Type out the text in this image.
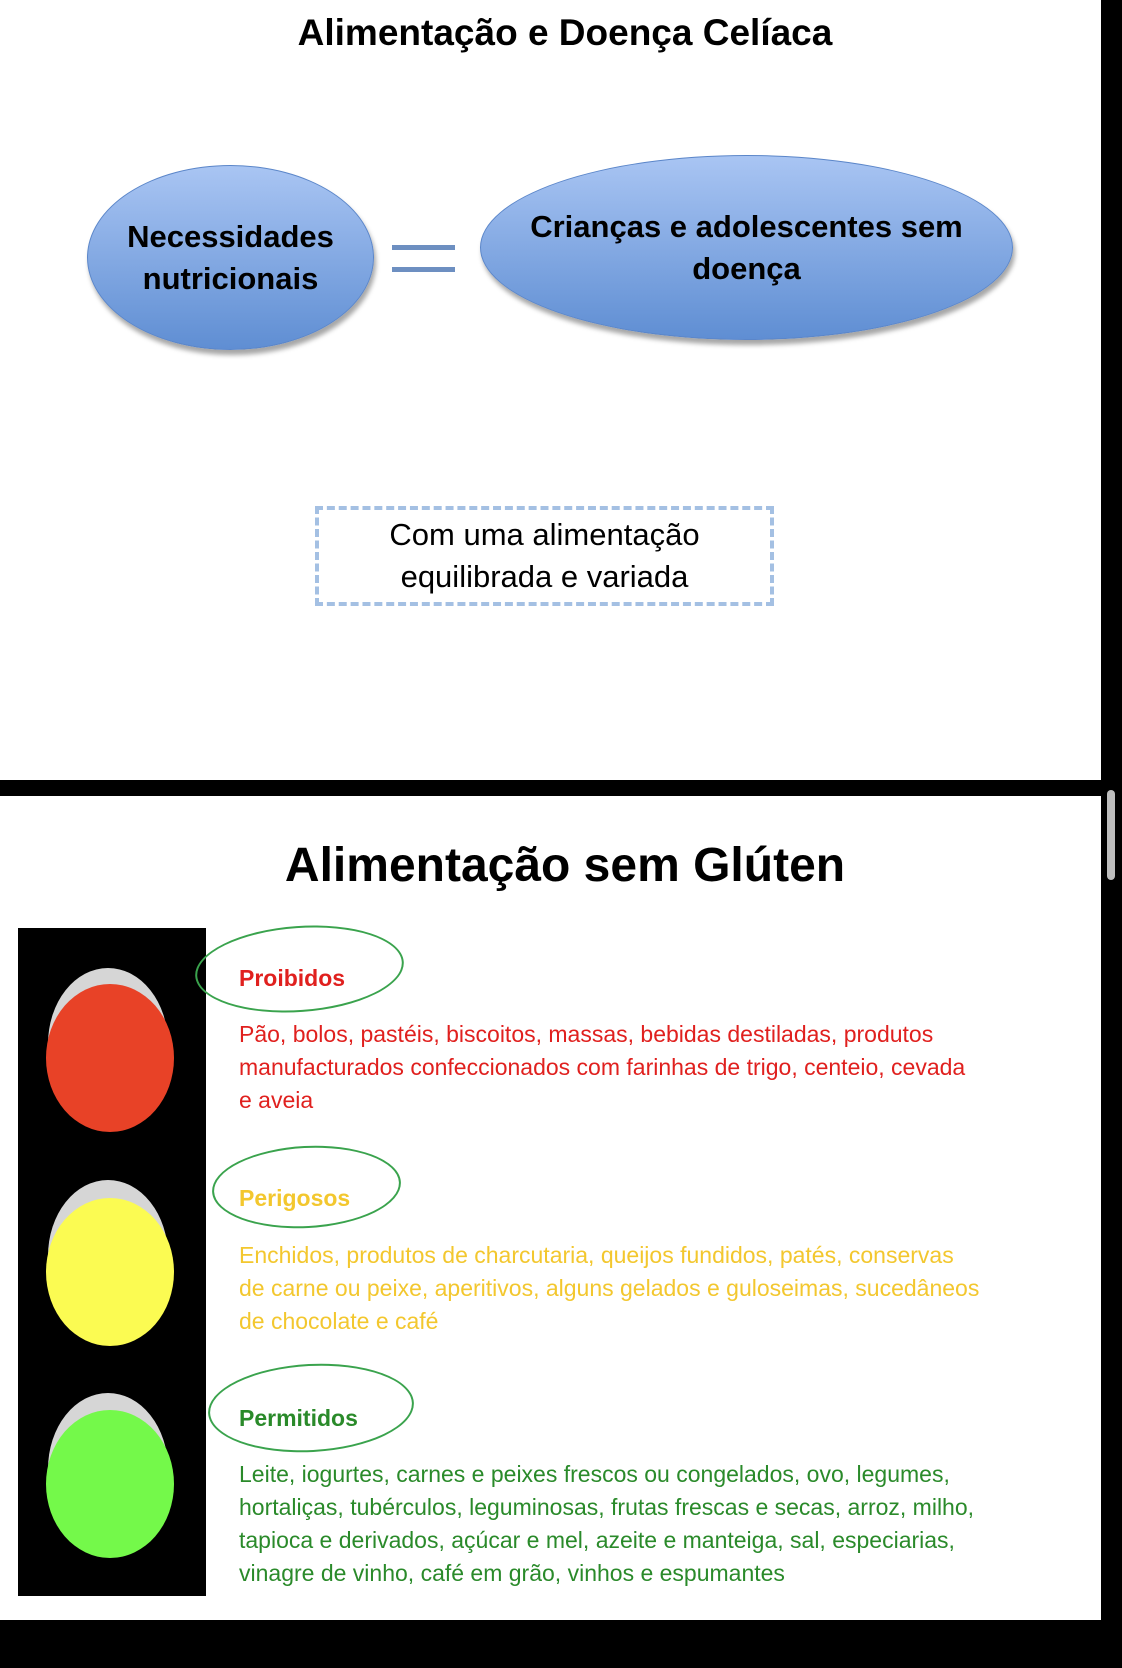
Alimentação e Doença Celíaca
Necessidades
nutricionais
Crianças e adolescentes sem
doença
Com uma alimentação
equilibrada e variada
Alimentação sem Glúten
Proibidos
Pão, bolos, pastéis, biscoitos, massas, bebidas destiladas, produtos
manufacturados confeccionados com farinhas de trigo, centeio, cevada
e aveia
Perigosos
Enchidos, produtos de charcutaria, queijos fundidos, patés, conservas
de carne ou peixe, aperitivos, alguns gelados e guloseimas, sucedâneos
de chocolate e café
Permitidos
Leite, iogurtes, carnes e peixes frescos ou congelados, ovo, legumes,
hortaliças, tubérculos, leguminosas, frutas frescas e secas, arroz, milho,
tapioca e derivados, açúcar e mel, azeite e manteiga, sal, especiarias,
vinagre de vinho, café em grão, vinhos e espumantes
